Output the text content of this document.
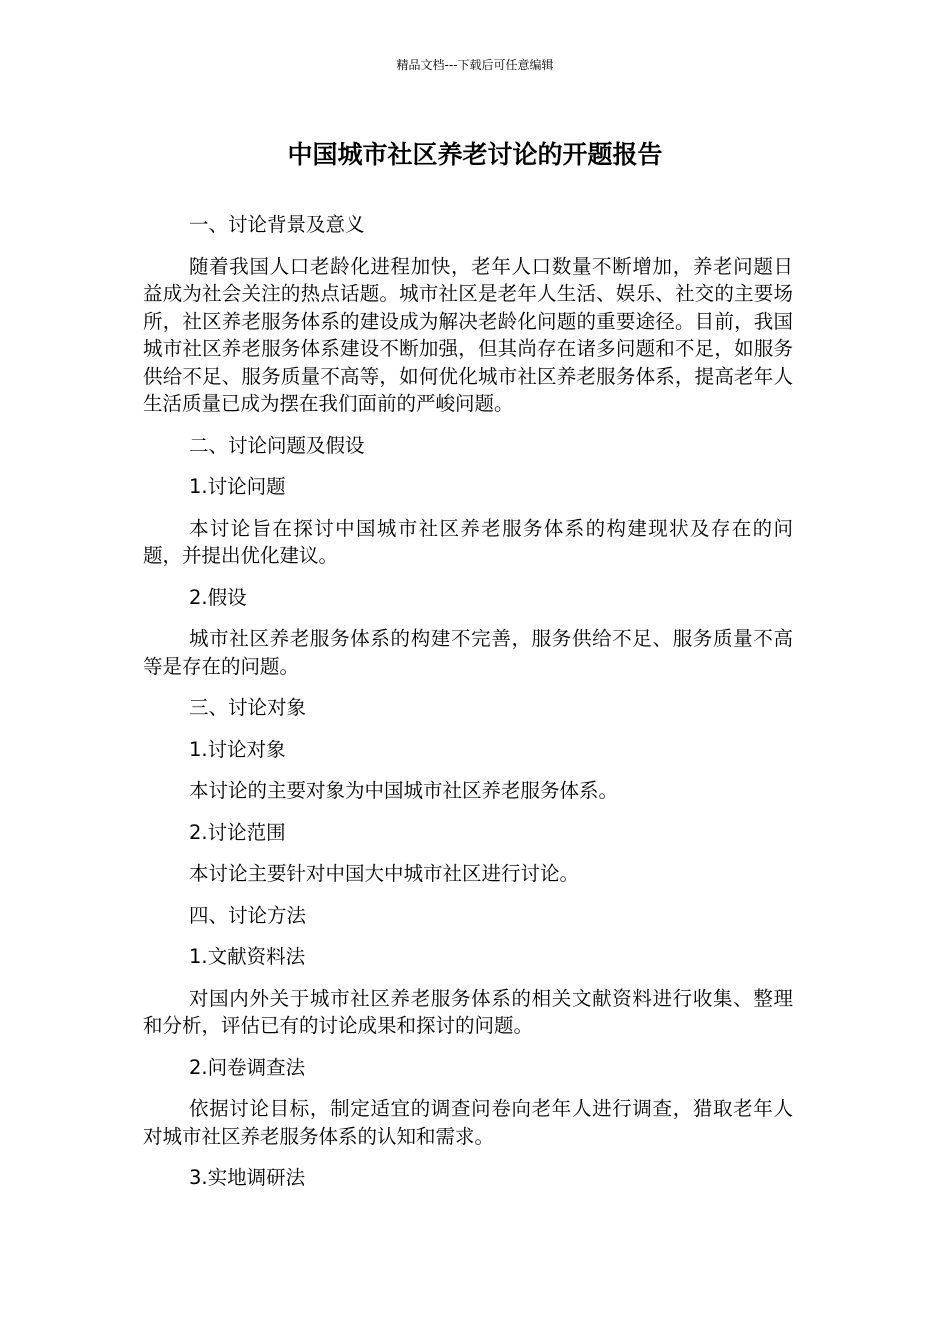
精品文档---下载后可任意编辑
中国城市社区养老讨论的开题报告

一、讨论背景及意义

随着我国人口老龄化进程加快，老年人口数量不断增加，养老问题日益成为社会关注的热点话题。城市社区是老年人生活、娱乐、社交的主要场所，社区养老服务体系的建设成为解决老龄化问题的重要途径。目前，我国城市社区养老服务体系建设不断加强，但其尚存在诸多问题和不足，如服务供给不足、服务质量不高等，如何优化城市社区养老服务体系，提高老年人生活质量已成为摆在我们面前的严峻问题。

二、讨论问题及假设

1.讨论问题

本讨论旨在探讨中国城市社区养老服务体系的构建现状及存在的问题，并提出优化建议。

2.假设

城市社区养老服务体系的构建不完善，服务供给不足、服务质量不高等是存在的问题。

三、讨论对象

1.讨论对象

本讨论的主要对象为中国城市社区养老服务体系。

2.讨论范围

本讨论主要针对中国大中城市社区进行讨论。

四、讨论方法

1.文献资料法

对国内外关于城市社区养老服务体系的相关文献资料进行收集、整理和分析，评估已有的讨论成果和探讨的问题。

2.问卷调查法

依据讨论目标，制定适宜的调查问卷向老年人进行调查，猎取老年人对城市社区养老服务体系的认知和需求。

3.实地调研法
